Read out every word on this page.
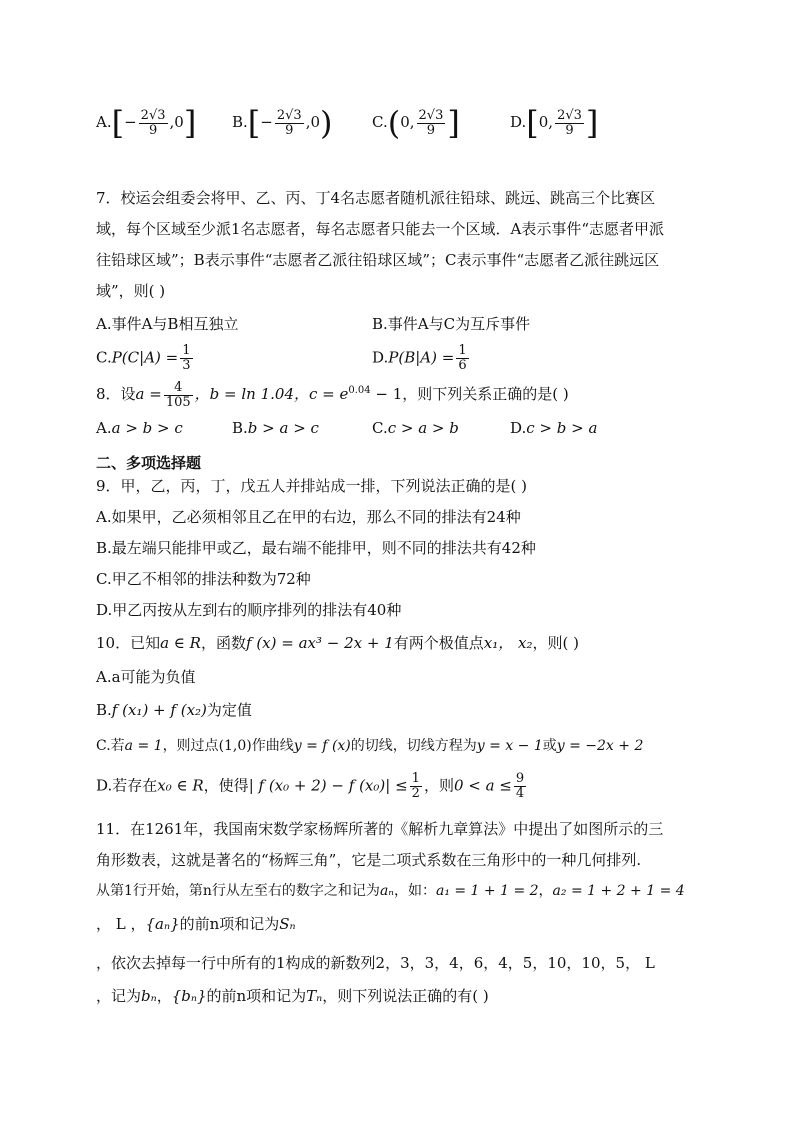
$A.[- \frac{2√3}{9} ,0]$ $B.[- \frac{2√3}{9} ,0)$	C.(0, $\frac{2√3}{9}$ ]	D.[0, $\frac{2√3}{9}$ ]
7．校运会组委会将甲、乙、丙、丁4名志愿者随机派往铅球、跳远、跳高三个比赛区
域，每个区域至少派1名志愿者，每名志愿者只能去一个区域．A表示事件“志愿者甲派
往铅球区域”；B表示事件“志愿者乙派往铅球区域”；C表示事件“志愿者乙派往跳远区
域”，则( )
A.事件A与B相互独立	B.事件A与C为互斥事件
$C.P(C|A) = \frac{1}{3}$	$D.P(B|A) = \frac{1}{6}$
8．设$a = \frac{4}{105}$ ，b = ln 1.04，$c = e^{0.04} - 1$，则下列关系正确的是( )
A.a > b > c	B.b > a > c	C.c > a > b	D.c > b > a
二、多项选择题
9．甲，乙，丙，丁，戊五人并排站成一排，下列说法正确的是( )
A.如果甲，乙必须相邻且乙在甲的右边，那么不同的排法有24种
B.最左端只能排甲或乙，最右端不能排甲，则不同的排法共有42种
C.甲乙不相邻的排法种数为72种
D.甲乙丙按从左到右的顺序排列的排法有40种
10．已知a ∈ R，函数f (x) = ax³ − 2x + 1有两个极值点x₁， x₂，则( )
A.a可能为负值
B.f (x₁) + f (x₂)为定值
C.若a = 1，则过点(1,0)作曲线y = f (x)的切线，切线方程为y = x − 1或y = −2x + 2
D.若存在x₀ ∈ R，使得| f (x₀ + 2) − f $(x_0)| \le \frac{1}{2}$ ，则$0 < a \le \frac{9}{4}$
11．在1261年，我国南宋数学家杨辉所著的《解析九章算法》中提出了如图所示的三
角形数表，这就是著名的“杨辉三角”，它是二项式系数在三角形中的一种几何排列.
从第1行开始，第n行从左至右的数字之和记为aₙ，如：a₁ = 1 + 1 = 2，a₂ = 1 + 2 + 1 = 4
， L ，{aₙ}的前n项和记为Sₙ
，依次去掉每一行中所有的1构成的新数列2，3，3，4，6，4，5，10，10，5， L
，记为bₙ，{bₙ}的前n项和记为Tₙ，则下列说法正确的有( )
